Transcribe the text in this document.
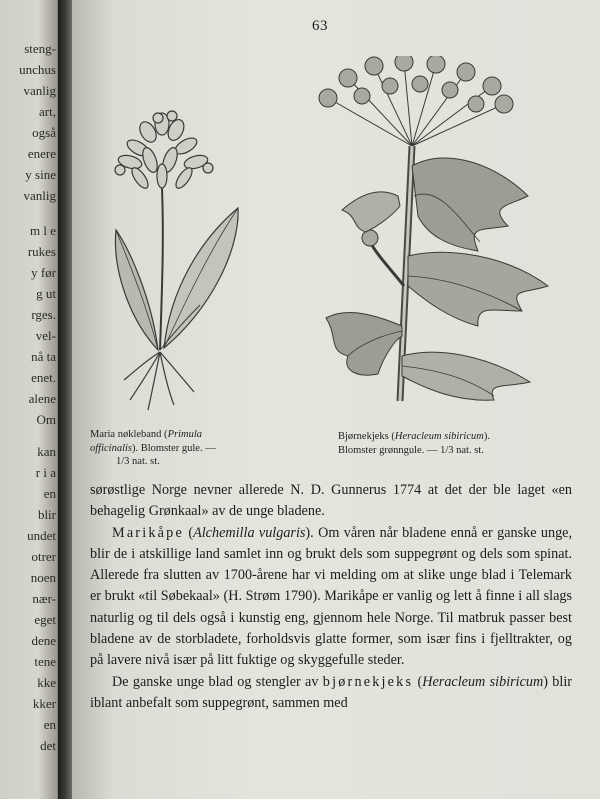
steng-
unchus
vanlig
art,
også
enere
y sine
vanlig
m l e
rukes
y før
g ut
rges.
vel-
nå ta
enet.
alene
Om
kan
r i a
en
blir
undet
otrer
noen
nær-
eget
dene
tene
kke
kker
en
det
63
Maria nøkleband (Primula
officinalis). Blomster gule. —
1/3 nat. st.
Bjørnekjeks (Heracleum sibiricum).
Blomster grønngule. — 1/3 nat. st.

sørøstlige Norge nevner allerede N. D. Gunnerus 1774 at det der ble laget «en behagelig Grønkaal» av de unge bladene.

Marikåpe (Alchemilla vulgaris). Om våren når bladene ennå er ganske unge, blir de i atskillige land samlet inn og brukt dels som suppegrønt og dels som spinat. Allerede fra slutten av 1700-årene har vi melding om at slike unge blad i Telemark er brukt «til Søbekaal» (H. Strøm 1790). Marikåpe er vanlig og lett å finne i all slags naturlig og til dels også i kunstig eng, gjennom hele Norge. Til matbruk passer best bladene av de storbladete, forholdsvis glatte former, som især fins i fjelltrakter, og på lavere nivå især på litt fuktige og skyggefulle steder.

De ganske unge blad og stengler av bjørnekjeks (Heracleum sibiricum) blir iblant anbefalt som suppegrønt, sammen med
